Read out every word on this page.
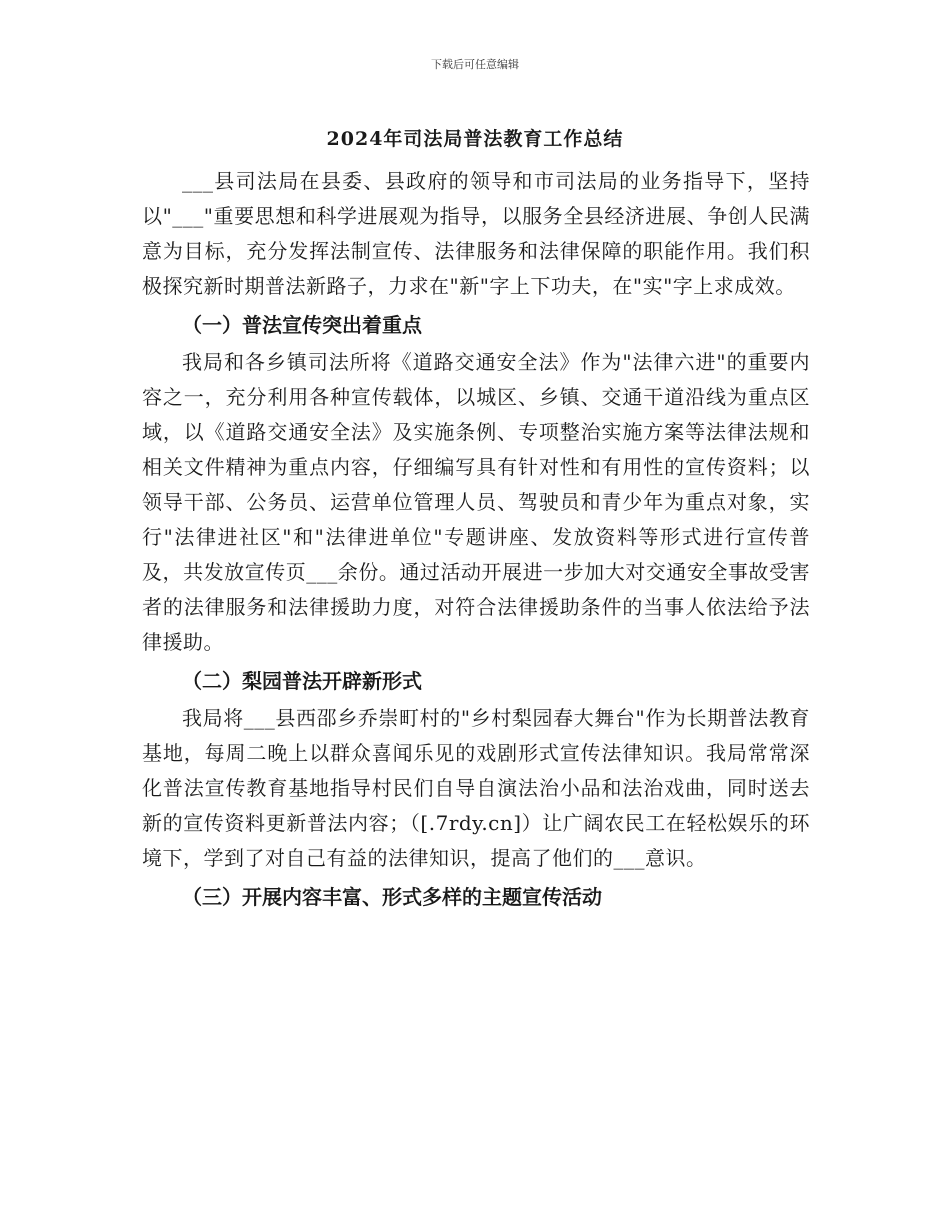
下载后可任意编辑
2024年司法局普法教育工作总结

___县司法局在县委、县政府的领导和市司法局的业务指导下，坚持以"___"重要思想和科学进展观为指导，以服务全县经济进展、争创人民满意为目标，充分发挥法制宣传、法律服务和法律保障的职能作用。我们积极探究新时期普法新路子，力求在"新"字上下功夫，在"实"字上求成效。

（一）普法宣传突出着重点

我局和各乡镇司法所将《道路交通安全法》作为"法律六进"的重要内容之一，充分利用各种宣传载体，以城区、乡镇、交通干道沿线为重点区域，以《道路交通安全法》及实施条例、专项整治实施方案等法律法规和相关文件精神为重点内容，仔细编写具有针对性和有用性的宣传资料；以领导干部、公务员、运营单位管理人员、驾驶员和青少年为重点对象，实行"法律进社区"和"法律进单位"专题讲座、发放资料等形式进行宣传普及，共发放宣传页___余份。通过活动开展进一步加大对交通安全事故受害者的法律服务和法律援助力度，对符合法律援助条件的当事人依法给予法律援助。

（二）梨园普法开辟新形式

我局将___县西邵乡乔崇町村的"乡村梨园春大舞台"作为长期普法教育基地，每周二晚上以群众喜闻乐见的戏剧形式宣传法律知识。我局常常深化普法宣传教育基地指导村民们自导自演法治小品和法治戏曲，同时送去新的宣传资料更新普法内容；（[.7rdy.cn]）让广阔农民工在轻松娱乐的环境下，学到了对自己有益的法律知识，提高了他们的___意识。

（三）开展内容丰富、形式多样的主题宣传活动
